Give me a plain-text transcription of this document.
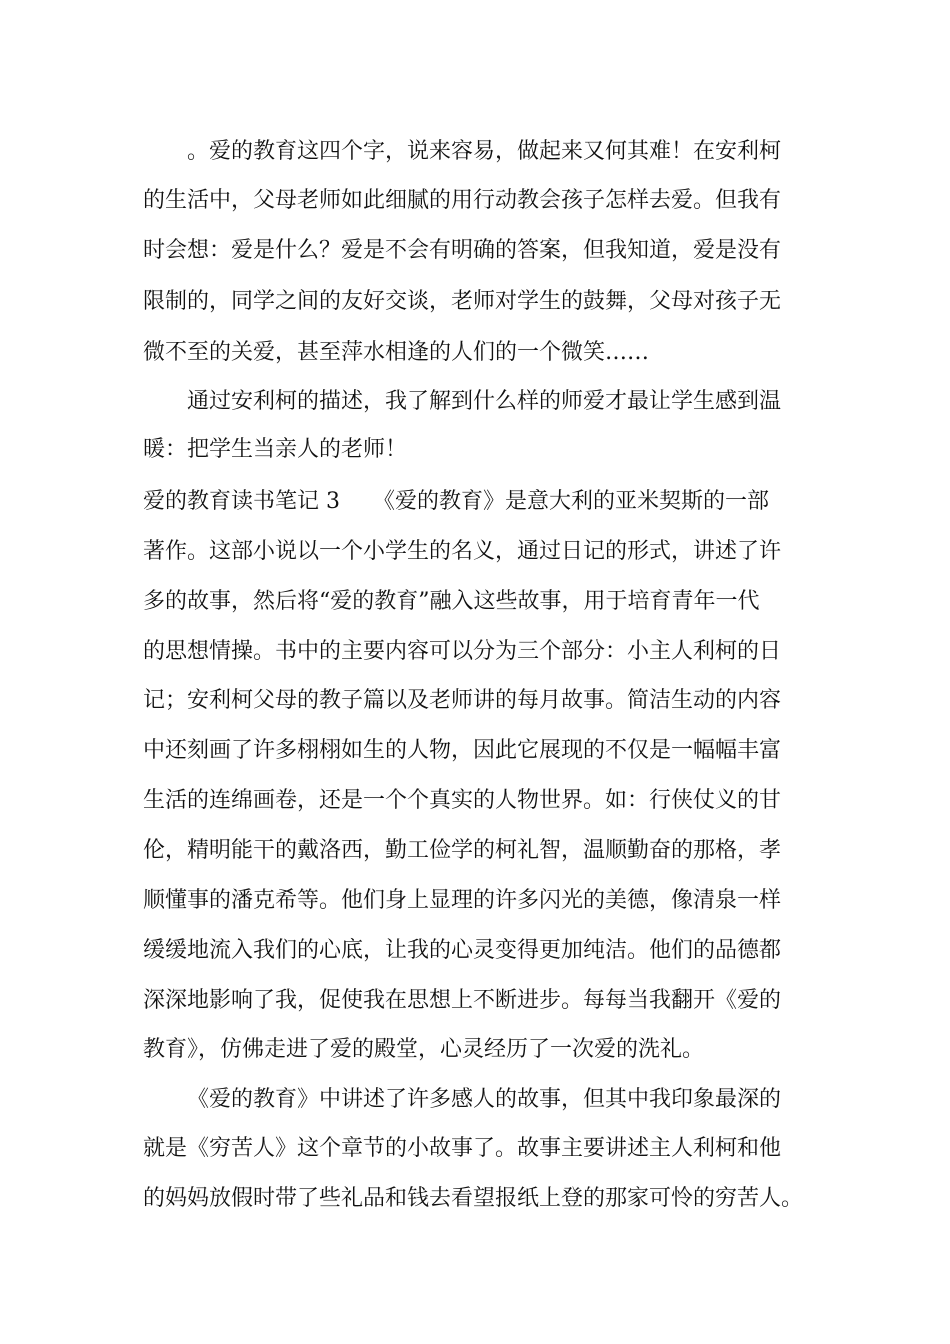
。爱的教育这四个字，说来容易，做起来又何其难！在安利柯
的生活中，父母老师如此细腻的用行动教会孩子怎样去爱。但我有
时会想：爱是什么？爱是不会有明确的答案，但我知道，爱是没有
限制的，同学之间的友好交谈，老师对学生的鼓舞，父母对孩子无
微不至的关爱，甚至萍水相逢的人们的一个微笑……
通过安利柯的描述，我了解到什么样的师爱才最让学生感到温
暖：把学生当亲人的老师！
爱的教育读书笔记 3　　《爱的教育》是意大利的亚米契斯的一部
著作。这部小说以一个小学生的名义，通过日记的形式，讲述了许
多的故事，然后将“爱的教育”融入这些故事，用于培育青年一代
的思想情操。书中的主要内容可以分为三个部分：小主人利柯的日
记；安利柯父母的教子篇以及老师讲的每月故事。简洁生动的内容
中还刻画了许多栩栩如生的人物，因此它展现的不仅是一幅幅丰富
生活的连绵画卷，还是一个个真实的人物世界。如：行侠仗义的甘
伦，精明能干的戴洛西，勤工俭学的柯礼智，温顺勤奋的那格，孝
顺懂事的潘克希等。他们身上显理的许多闪光的美德，像清泉一样
缓缓地流入我们的心底，让我的心灵变得更加纯洁。他们的品德都
深深地影响了我，促使我在思想上不断进步。每每当我翻开《爱的
教育》，仿佛走进了爱的殿堂，心灵经历了一次爱的洗礼。
《爱的教育》中讲述了许多感人的故事，但其中我印象最深的
就是《穷苦人》这个章节的小故事了。故事主要讲述主人利柯和他
的妈妈放假时带了些礼品和钱去看望报纸上登的那家可怜的穷苦人。
